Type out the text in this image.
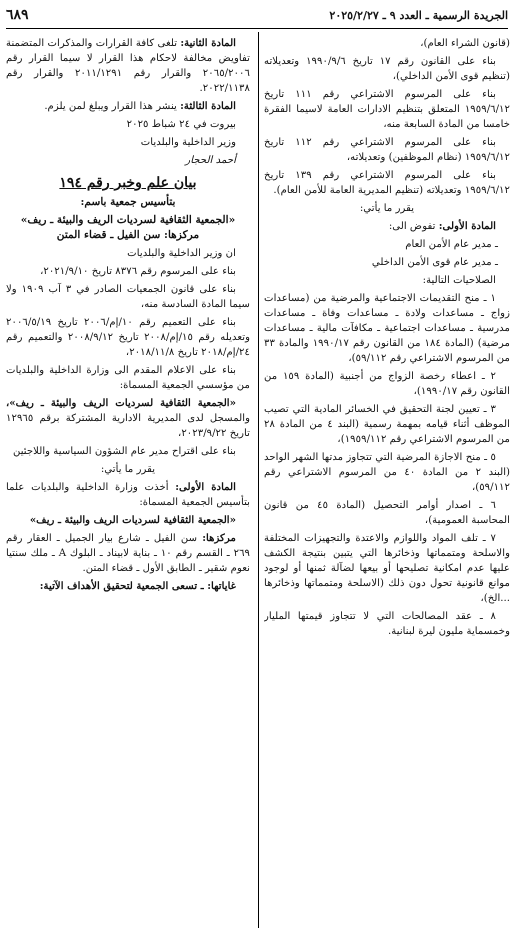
الجريدة الرسمية ـ العدد ٩ ـ ٢٠٢٥/٢/٢٧
٦٨٩

(قانون الشراء العام)،

بناء على القانون رقم ١٧ تاريخ ١٩٩٠/٩/٦ وتعديلاته (تنظيم قوى الأمن الداخلي)،

بناء على المرسوم الاشتراعي رقم ١١١ تاريخ ١٩٥٩/٦/١٢ المتعلق بتنظيم الادارات العامة لاسيما الفقرة خامسا من المادة السابعة منه،

بناء على المرسوم الاشتراعي رقم ١١٢ تاريخ ١٩٥٩/٦/١٢ (نظام الموظفين) وتعديلاته،

بناء على المرسوم الاشتراعي رقم ١٣٩ تاريخ ١٩٥٩/٦/١٢ وتعديلاته (تنظيم المديرية العامة للأمن العام).

يقرر ما يأتي:

المادة الأولى: تفوض الى:

ـ مدير عام الأمن العام

ـ مدير عام قوى الأمن الداخلي

الصلاحيات التالية:

١ ـ منح التقديمات الاجتماعية والمرضية من (مساعدات زواج ـ مساعدات ولادة ـ مساعدات وفاة ـ مساعدات مدرسية ـ مساعدات اجتماعية ـ مكافآت مالية ـ مساعدات مرضية) (المادة ١٨٤ من القانون رقم ١٩٩٠/١٧ والمادة ٣٣ من المرسوم الاشتراعي رقم ٥٩/١١٢)،

٢ ـ اعطاء رخصة الزواج من أجنبية (المادة ١٥٩ من القانون رقم ١٩٩٠/١٧)،

٣ ـ تعيين لجنة التحقيق في الخسائر المادية التي تصيب الموظف أثناء قيامه بمهمة رسمية (البند ٤ من المادة ٢٨ من المرسوم الاشتراعي رقم ١٩٥٩/١١٢)،

٥ ـ منح الاجازة المرضية التي تتجاوز مدتها الشهر الواحد (البند ٢ من المادة ٤٠ من المرسوم الاشتراعي رقم ٥٩/١١٢)،

٦ ـ اصدار أوامر التحصيل (المادة ٤٥ من قانون المحاسبة العمومية)،

٧ ـ تلف المواد واللوازم والاعتدة والتجهيزات المختلفة والاسلحة ومتمماتها وذخائرها التي يتبين بنتيجة الكشف عليها عدم امكانية تصليحها أو بيعها لضآلة ثمنها أو لوجود موانع قانونية تحول دون ذلك (الاسلحة ومتمماتها وذخائرها ...الخ)،

٨ ـ عقد المصالحات التي لا تتجاوز قيمتها المليار وخمسماية مليون ليرة لبنانية.

المادة الثانية: تلغى كافة القرارات والمذكرات المتضمنة تفاويض مخالفة لاحكام هذا القرار لا سيما القرار رقم ٢٠٦٥/٢٠٠٦ والقرار رقم ٢٠١١/١٢٩١ والقرار رقم ٢٠٢٢/١١٣٨.

المادة الثالثة: ينشر هذا القرار ويبلغ لمن يلزم.

بيروت في ٢٤ شباط ٢٠٢٥

وزير الداخلية والبلديات

أحمد الحجار

بيان علم وخبر رقم ١٩٤
بتأسيس جمعية باسم:
«الجمعية الثقافية لسرديات الريف والبيئة ـ ريف» مركزها: سن الفيل ـ قضاء المتن

ان وزير الداخلية والبلديات

بناء على المرسوم رقم ٨٣٧٦ تاريخ ٢٠٢١/٩/١٠،

بناء على قانون الجمعيات الصادر في ٣ آب ١٩٠٩ ولا سيما المادة السادسة منه،

بناء على التعميم رقم ١٠/إم/٢٠٠٦ تاريخ ٢٠٠٦/٥/١٩ وتعديله رقم ١٥/إم/٢٠٠٨ تاريخ ٢٠٠٨/٩/١٢ والتعميم رقم ٢٤/إم/٢٠١٨ تاريخ ٢٠١٨/١١/٨،

بناء على الاعلام المقدم الى وزارة الداخلية والبلديات من مؤسسي الجمعية المسماة:

«الجمعية الثقافية لسرديات الريف والبيئة ـ ريف»، والمسجل لدى المديرية الادارية المشتركة برقم ١٢٩٦٥ تاريخ ٢٠٢٣/٩/٢٢،

بناء على اقتراح مدير عام الشؤون السياسية واللاجئين

يقرر ما يأتي:

المادة الأولى: أخذت وزارة الداخلية والبلديات علما بتأسيس الجمعية المسماة:

«الجمعية الثقافية لسرديات الريف والبيئة ـ ريف»

مركزها: سن الفيل ـ شارع بيار الجميل ـ العقار رقم ٢٦٩ ـ القسم رقم ١٠ ـ بناية لابيناد ـ البلوك A ـ ملك سنتيا نعوم شقير ـ الطابق الأول ـ قضاء المتن.

غاياتها: ـ تسعى الجمعية لتحقيق الأهداف الآتية:
